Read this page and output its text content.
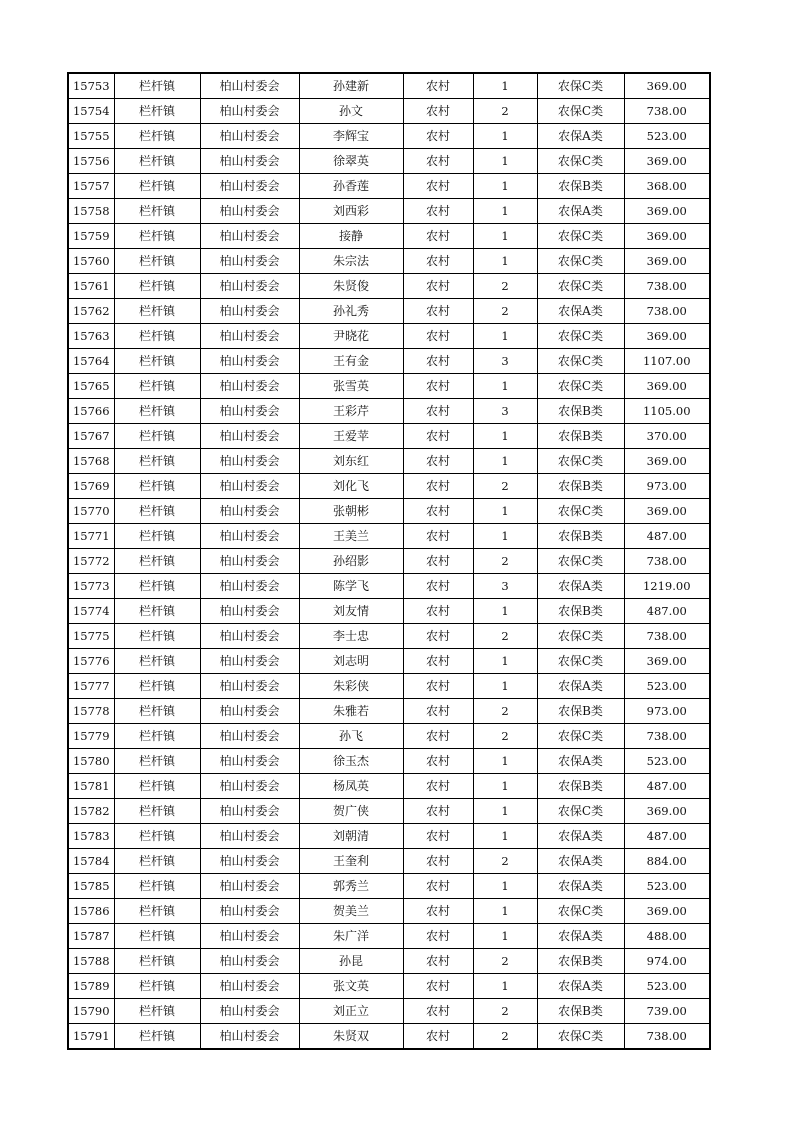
15753	栏杆镇	柏山村委会	孙建新	农村	1	农保C类	369.00
15754	栏杆镇	柏山村委会	孙文	农村	2	农保C类	738.00
15755	栏杆镇	柏山村委会	李辉宝	农村	1	农保A类	523.00
15756	栏杆镇	柏山村委会	徐翠英	农村	1	农保C类	369.00
15757	栏杆镇	柏山村委会	孙香莲	农村	1	农保B类	368.00
15758	栏杆镇	柏山村委会	刘西彩	农村	1	农保A类	369.00
15759	栏杆镇	柏山村委会	接静	农村	1	农保C类	369.00
15760	栏杆镇	柏山村委会	朱宗法	农村	1	农保C类	369.00
15761	栏杆镇	柏山村委会	朱贤俊	农村	2	农保C类	738.00
15762	栏杆镇	柏山村委会	孙礼秀	农村	2	农保A类	738.00
15763	栏杆镇	柏山村委会	尹晓花	农村	1	农保C类	369.00
15764	栏杆镇	柏山村委会	王有金	农村	3	农保C类	1107.00
15765	栏杆镇	柏山村委会	张雪英	农村	1	农保C类	369.00
15766	栏杆镇	柏山村委会	王彩芹	农村	3	农保B类	1105.00
15767	栏杆镇	柏山村委会	王爱苹	农村	1	农保B类	370.00
15768	栏杆镇	柏山村委会	刘东红	农村	1	农保C类	369.00
15769	栏杆镇	柏山村委会	刘化飞	农村	2	农保B类	973.00
15770	栏杆镇	柏山村委会	张朝彬	农村	1	农保C类	369.00
15771	栏杆镇	柏山村委会	王美兰	农村	1	农保B类	487.00
15772	栏杆镇	柏山村委会	孙绍影	农村	2	农保C类	738.00
15773	栏杆镇	柏山村委会	陈学飞	农村	3	农保A类	1219.00
15774	栏杆镇	柏山村委会	刘友情	农村	1	农保B类	487.00
15775	栏杆镇	柏山村委会	李士忠	农村	2	农保C类	738.00
15776	栏杆镇	柏山村委会	刘志明	农村	1	农保C类	369.00
15777	栏杆镇	柏山村委会	朱彩侠	农村	1	农保A类	523.00
15778	栏杆镇	柏山村委会	朱雅若	农村	2	农保B类	973.00
15779	栏杆镇	柏山村委会	孙飞	农村	2	农保C类	738.00
15780	栏杆镇	柏山村委会	徐玉杰	农村	1	农保A类	523.00
15781	栏杆镇	柏山村委会	杨凤英	农村	1	农保B类	487.00
15782	栏杆镇	柏山村委会	贺广侠	农村	1	农保C类	369.00
15783	栏杆镇	柏山村委会	刘朝清	农村	1	农保A类	487.00
15784	栏杆镇	柏山村委会	王奎利	农村	2	农保A类	884.00
15785	栏杆镇	柏山村委会	郭秀兰	农村	1	农保A类	523.00
15786	栏杆镇	柏山村委会	贺美兰	农村	1	农保C类	369.00
15787	栏杆镇	柏山村委会	朱广洋	农村	1	农保A类	488.00
15788	栏杆镇	柏山村委会	孙昆	农村	2	农保B类	974.00
15789	栏杆镇	柏山村委会	张文英	农村	1	农保A类	523.00
15790	栏杆镇	柏山村委会	刘正立	农村	2	农保B类	739.00
15791	栏杆镇	柏山村委会	朱贤双	农村	2	农保C类	738.00
